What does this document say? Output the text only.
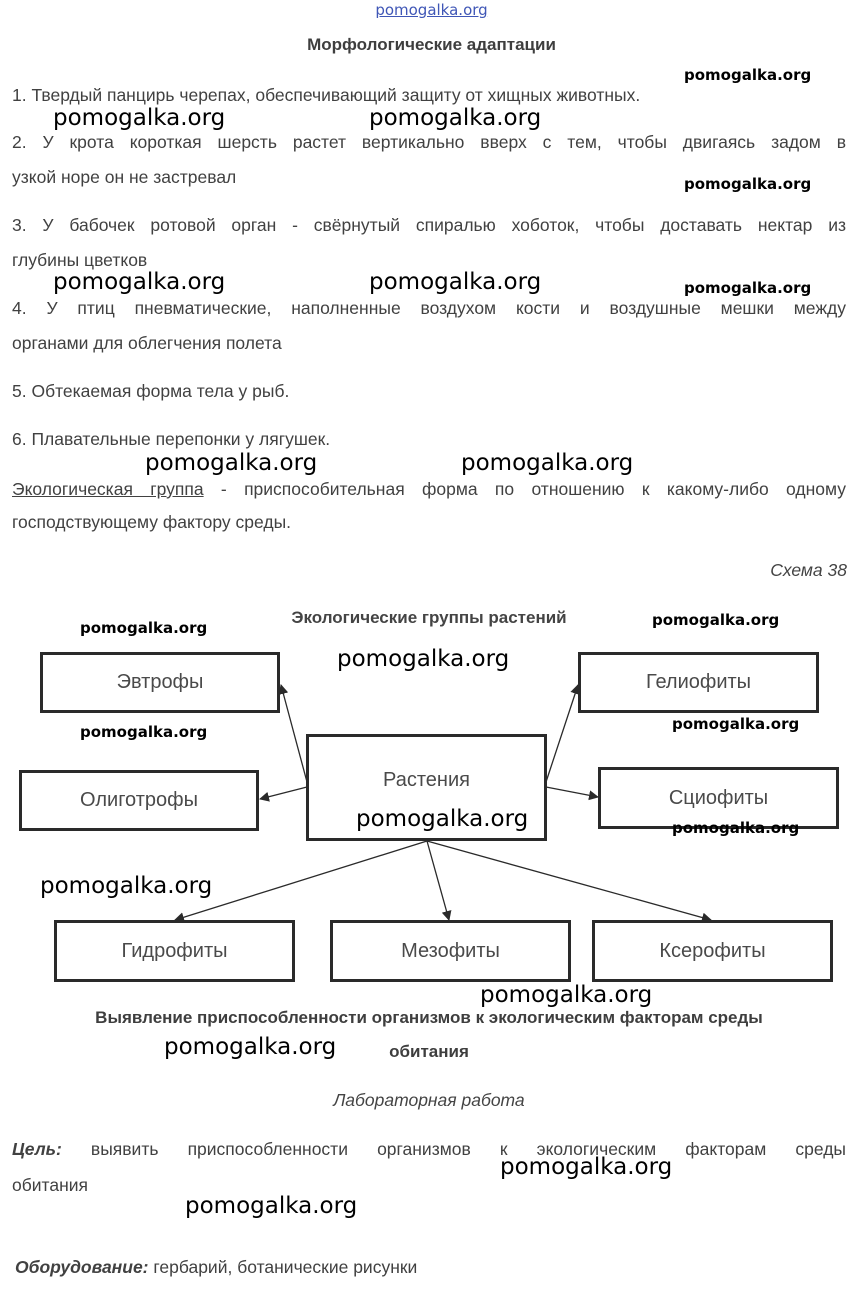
pomogalka.org
Морфологические адаптации
1. Твердый панцирь черепах, обеспечивающий защиту от хищных животных.
2. У крота короткая шерсть растет вертикально вверх с тем, чтобы двигаясь задом в
узкой норе он не застревал
3. У бабочек ротовой орган - свёрнутый спиралью хоботок, чтобы доставать нектар из
глубины цветков
4. У птиц пневматические, наполненные воздухом кости и воздушные мешки между
органами для облегчения полета
5. Обтекаемая форма тела у рыб.
6. Плавательные перепонки у лягушек.
Экологическая группа - приспособительная форма по отношению к какому-либо одному
господствующему фактору среды.
Схема 38
Экологические группы растений
Эвтрофы	Гелиофиты
Растения
Олиготрофы	Сциофиты
Гидрофиты	Мезофиты	Ксерофиты
Выявление приспособленности организмов к экологическим факторам среды
обитания
Лабораторная работа
Цель: выявить приспособленности организмов к экологическим факторам среды
обитания
Оборудование: гербарий, ботанические рисунки
pomogalka.org
pomogalka.org	pomogalka.org
pomogalka.org
pomogalka.org	pomogalka.org	pomogalka.org
pomogalka.org	pomogalka.org
pomogalka.org	pomogalka.org
pomogalka.org
pomogalka.org	pomogalka.org
pomogalka.org	pomogalka.org
pomogalka.org
pomogalka.org
pomogalka.org
pomogalka.org
pomogalka.org
